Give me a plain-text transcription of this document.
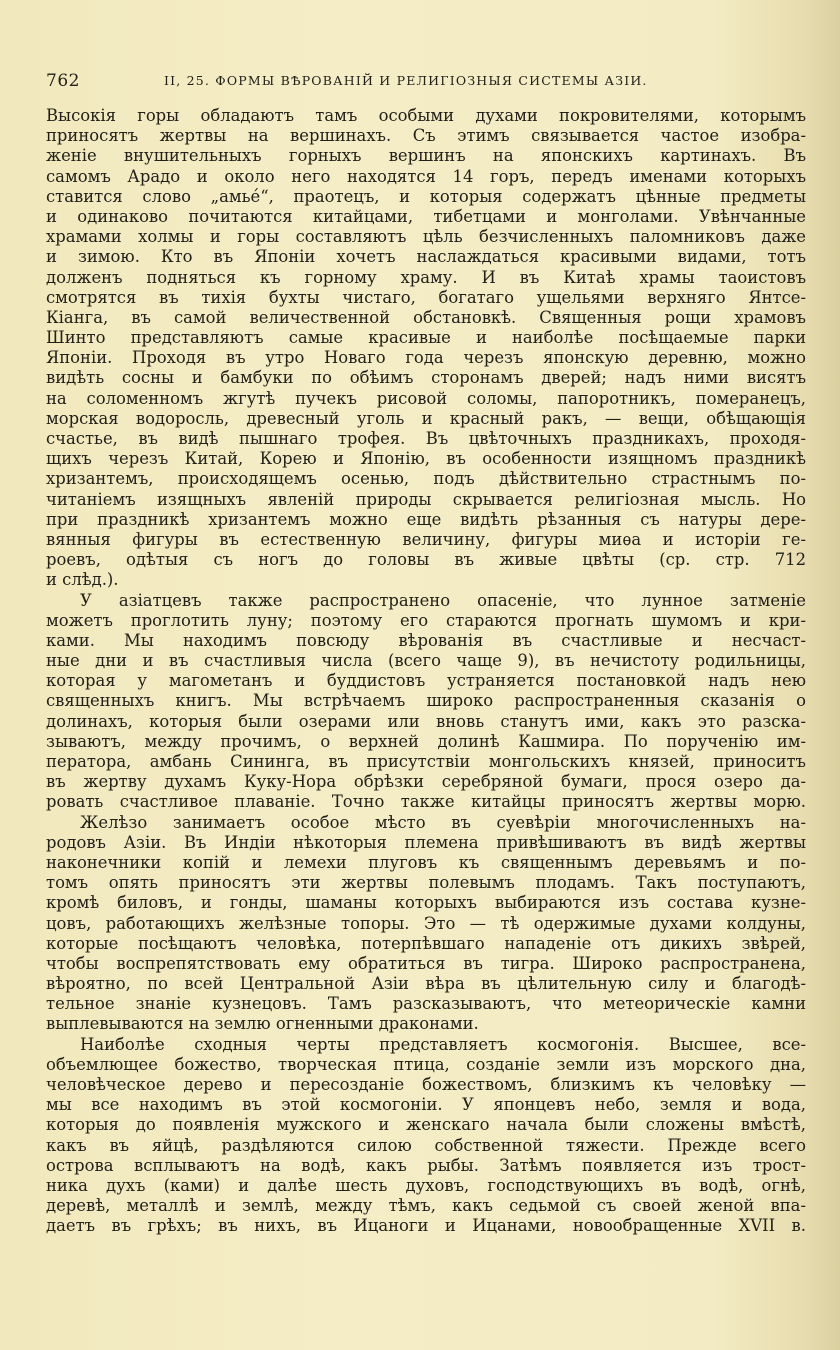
762	II, 25. ФОРМЫ ВѢРОВАНІЙ И РЕЛИГІОЗНЫЯ СИСТЕМЫ АЗІИ.
Высокія горы обладаютъ тамъ особыми духами покровителями, которымъ
приносятъ жертвы на вершинахъ. Съ этимъ связывается частое изобра-
женіе внушительныхъ горныхъ вершинъ на японскихъ картинахъ. Въ
самомъ Арадо и около него находятся 14 горъ, передъ именами которыхъ
ставится слово „амьé“, праотецъ, и которыя содержатъ цѣнные предметы
и одинаково почитаются китайцами, тибетцами и монголами. Увѣнчанные
храмами холмы и горы составляютъ цѣль безчисленныхъ паломниковъ даже
и зимою. Кто въ Японіи хочетъ наслаждаться красивыми видами, тотъ
долженъ подняться къ горному храму. И въ Китаѣ храмы таоистовъ
смотрятся въ тихія бухты чистаго, богатаго ущельями верхняго Янтсе-
Кіанга, въ самой величественной обстановкѣ. Священныя рощи храмовъ
Шинто представляютъ самые красивые и наиболѣе посѣщаемые парки
Японіи. Проходя въ утро Новаго года черезъ японскую деревню, можно
видѣть сосны и бамбуки по обѣимъ сторонамъ дверей; надъ ними висятъ
на соломенномъ жгутѣ пучекъ рисовой соломы, папоротникъ, померанецъ,
морская водоросль, древесный уголь и красный ракъ, — вещи, обѣщающія
счастье, въ видѣ пышнаго трофея. Въ цвѣточныхъ праздникахъ, проходя-
щихъ черезъ Китай, Корею и Японію, въ особенности изящномъ праздникѣ
хризантемъ, происходящемъ осенью, подъ дѣйствительно страстнымъ по-
читаніемъ изящныхъ явленій природы скрывается религіозная мысль. Но
при праздникѣ хризантемъ можно еще видѣть рѣзанныя съ натуры дере-
вянныя фигуры въ естественную величину, фигуры миѳа и исторіи ге-
роевъ, одѣтыя съ ногъ до головы въ живые цвѣты (ср. стр. 712
и слѣд.).
У азіатцевъ также распространено опасеніе, что лунное затменіе
можетъ проглотить луну; поэтому его стараются прогнать шумомъ и кри-
ками. Мы находимъ повсюду вѣрованія въ счастливые и несчаст-
ные дни и въ счастливыя числа (всего чаще 9), въ нечистоту родильницы,
которая у магометанъ и буддистовъ устраняется постановкой надъ нею
священныхъ книгъ. Мы встрѣчаемъ широко распространенныя сказанія о
долинахъ, которыя были озерами или вновь станутъ ими, какъ это разска-
зываютъ, между прочимъ, о верхней долинѣ Кашмира. По порученію им-
ператора, амбань Сининга, въ присутствіи монгольскихъ князей, приноситъ
въ жертву духамъ Куку-Нора обрѣзки серебряной бумаги, прося озеро да-
ровать счастливое плаваніе. Точно также китайцы приносятъ жертвы морю.
Желѣзо занимаетъ особое мѣсто въ суевѣріи многочисленныхъ на-
родовъ Азіи. Въ Индіи нѣкоторыя племена привѣшиваютъ въ видѣ жертвы
наконечники копій и лемехи плуговъ къ священнымъ деревьямъ и по-
томъ опять приносятъ эти жертвы полевымъ плодамъ. Такъ поступаютъ,
кромѣ биловъ, и гонды, шаманы которыхъ выбираются изъ состава кузне-
цовъ, работающихъ желѣзные топоры. Это — тѣ одержимые духами колдуны,
которые посѣщаютъ человѣка, потерпѣвшаго нападеніе отъ дикихъ звѣрей,
чтобы воспрепятствовать ему обратиться въ тигра. Широко распространена,
вѣроятно, по всей Центральной Азіи вѣра въ цѣлительную силу и благодѣ-
тельное знаніе кузнецовъ. Тамъ разсказываютъ, что метеорическіе камни
выплевываются на землю огненными драконами.
Наиболѣе сходныя черты представляетъ космогонія. Высшее, все-
объемлющее божество, творческая птица, созданіе земли изъ морского дна,
человѣческое дерево и пересозданіе божествомъ, близкимъ къ человѣку —
мы все находимъ въ этой космогоніи. У японцевъ небо, земля и вода,
которыя до появленія мужского и женскаго начала были сложены вмѣстѣ,
какъ въ яйцѣ, раздѣляются силою собственной тяжести. Прежде всего
острова всплываютъ на водѣ, какъ рыбы. Затѣмъ появляется изъ трост-
ника духъ (ками) и далѣе шесть духовъ, господствующихъ въ водѣ, огнѣ,
деревѣ, металлѣ и землѣ, между тѣмъ, какъ седьмой съ своей женой впа-
даетъ въ грѣхъ; въ нихъ, въ Ицаноги и Ицанами, новообращенные XVII в.
